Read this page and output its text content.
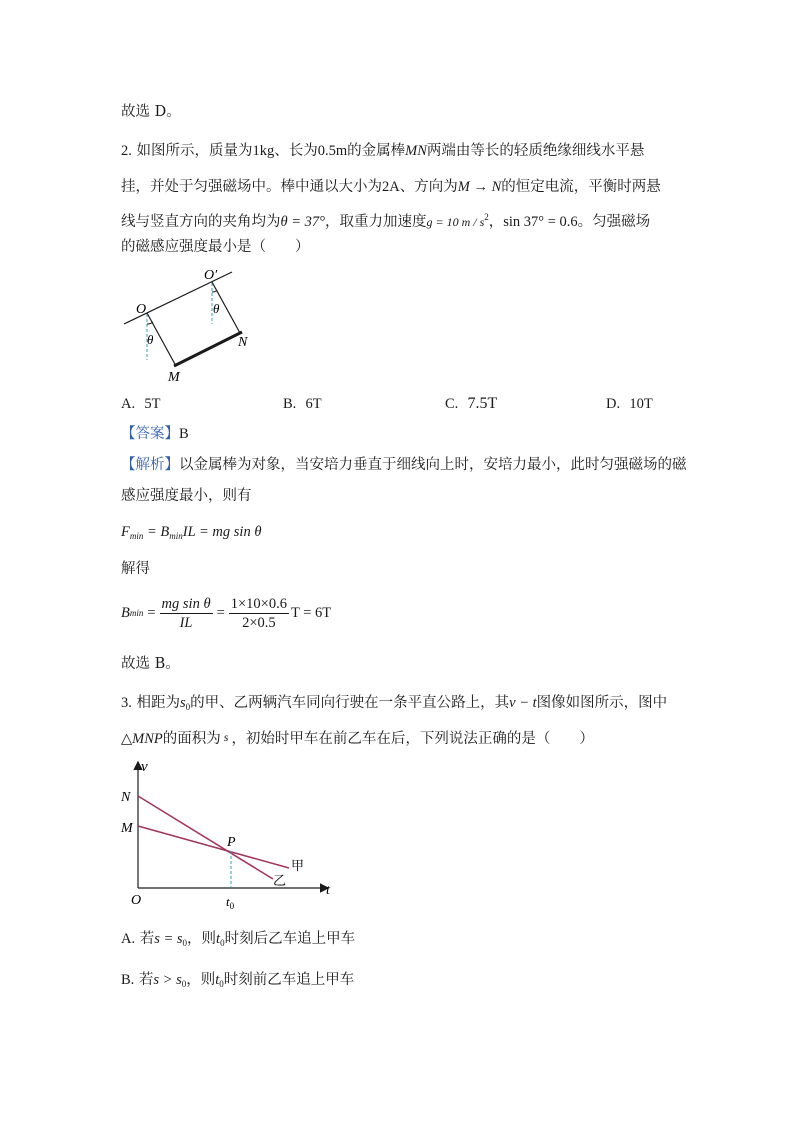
故选 D。
2. 如图所示，质量为1kg、长为0.5m的金属棒MN两端由等长的轻质绝缘细线水平悬
挂，并处于匀强磁场中。棒中通以大小为2A、方向为M → N的恒定电流，平衡时两悬
线与竖直方向的夹角均为θ = 37°，取重力加速度g = 10 m / $s^2$，sin 37° = 0.6。匀强磁场
的磁感应强度最小是（　　）
O
O′
θ
θ
M
N
A. 5T	B. 6T	C. 7.5T	D. 10T
【答案】B
【解析】以金属棒为对象，当安培力垂直于细线向上时，安培力最小，此时匀强磁场的磁
感应强度最小，则有
$F_{min} = B_{min}IL$ = mg sin θ
解得
B $\min = \frac{\text{mg sin θ}}{IL} = \frac{1\times 10\times 0.6}{2\times 0.5}$ T = 6T
故选 B。
3. 相距为$s_0$的甲、乙两辆汽车同向行驶在一条平直公路上，其v − t图像如图所示，图中
△MNP的面积为 s ，初始时甲车在前乙车在后，下列说法正确的是（　　）
v
t
O
N
M
P
$t_0$
甲
乙
A. 若$s = s_0$，则$t_0$时刻后乙车追上甲车
B. 若$s > s_0$，则$t_0$时刻前乙车追上甲车
